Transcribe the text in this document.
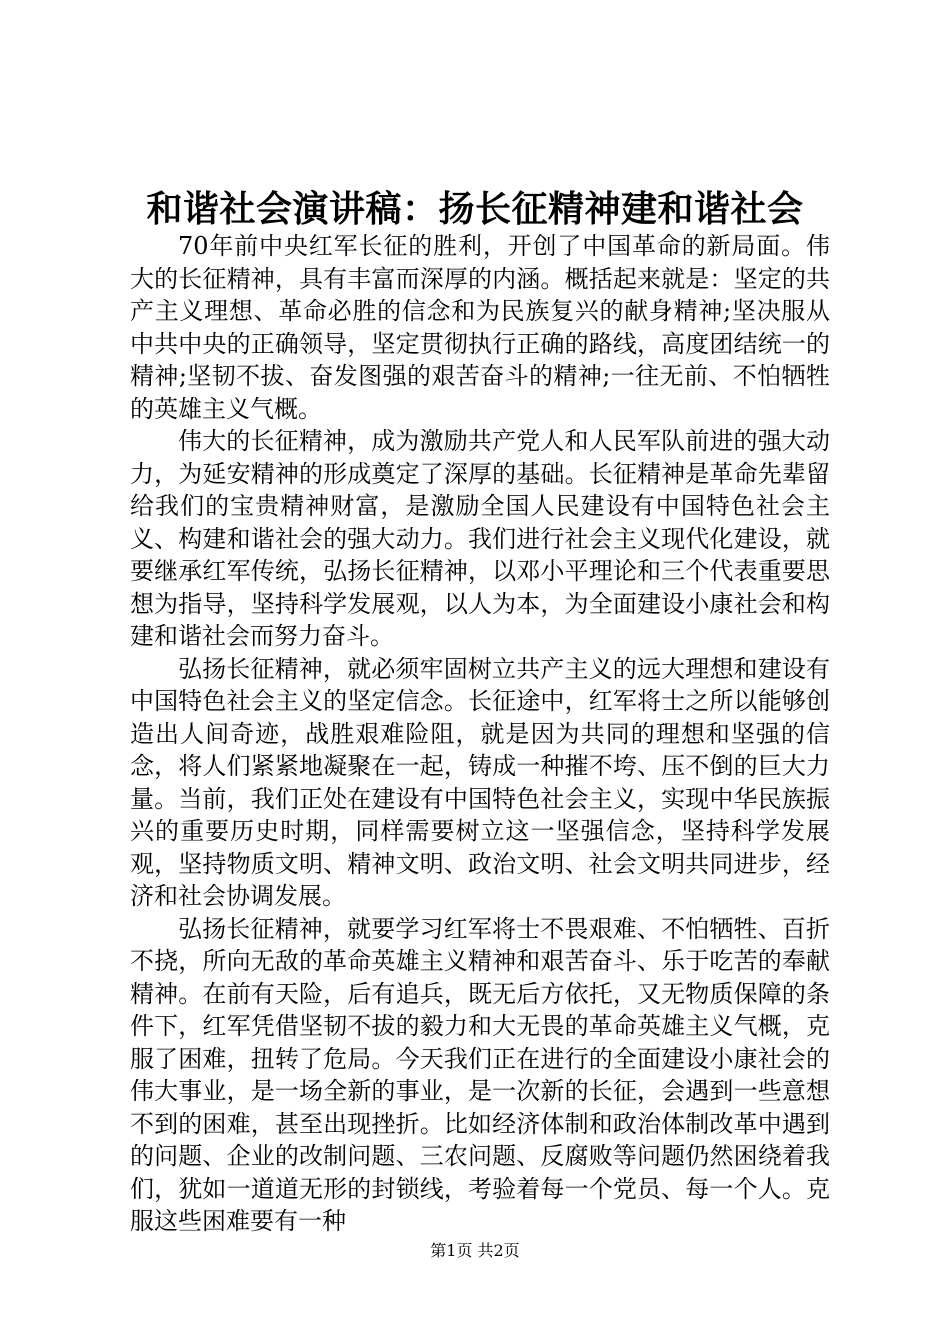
和谐社会演讲稿：扬长征精神建和谐社会

70年前中央红军长征的胜利，开创了中国革命的新局面。伟大的长征精神，具有丰富而深厚的内涵。概括起来就是：坚定的共产主义理想、革命必胜的信念和为民族复兴的献身精神;坚决服从中共中央的正确领导，坚定贯彻执行正确的路线，高度团结统一的精神;坚韧不拔、奋发图强的艰苦奋斗的精神;一往无前、不怕牺牲的英雄主义气概。

伟大的长征精神，成为激励共产党人和人民军队前进的强大动力，为延安精神的形成奠定了深厚的基础。长征精神是革命先辈留给我们的宝贵精神财富，是激励全国人民建设有中国特色社会主义、构建和谐社会的强大动力。我们进行社会主义现代化建设，就要继承红军传统，弘扬长征精神，以邓小平理论和三个代表重要思想为指导，坚持科学发展观，以人为本，为全面建设小康社会和构建和谐社会而努力奋斗。

弘扬长征精神，就必须牢固树立共产主义的远大理想和建设有中国特色社会主义的坚定信念。长征途中，红军将士之所以能够创造出人间奇迹，战胜艰难险阻，就是因为共同的理想和坚强的信念，将人们紧紧地凝聚在一起，铸成一种摧不垮、压不倒的巨大力量。当前，我们正处在建设有中国特色社会主义，实现中华民族振兴的重要历史时期，同样需要树立这一坚强信念，坚持科学发展观，坚持物质文明、精神文明、政治文明、社会文明共同进步，经济和社会协调发展。

弘扬长征精神，就要学习红军将士不畏艰难、不怕牺牲、百折不挠，所向无敌的革命英雄主义精神和艰苦奋斗、乐于吃苦的奉献精神。在前有天险，后有追兵，既无后方依托，又无物质保障的条件下，红军凭借坚韧不拔的毅力和大无畏的革命英雄主义气概，克服了困难，扭转了危局。今天我们正在进行的全面建设小康社会的伟大事业，是一场全新的事业，是一次新的长征，会遇到一些意想不到的困难，甚至出现挫折。比如经济体制和政治体制改革中遇到的问题、企业的改制问题、三农问题、反腐败等问题仍然困绕着我们，犹如一道道无形的封锁线，考验着每一个党员、每一个人。克服这些困难要有一种

第1页 共2页
